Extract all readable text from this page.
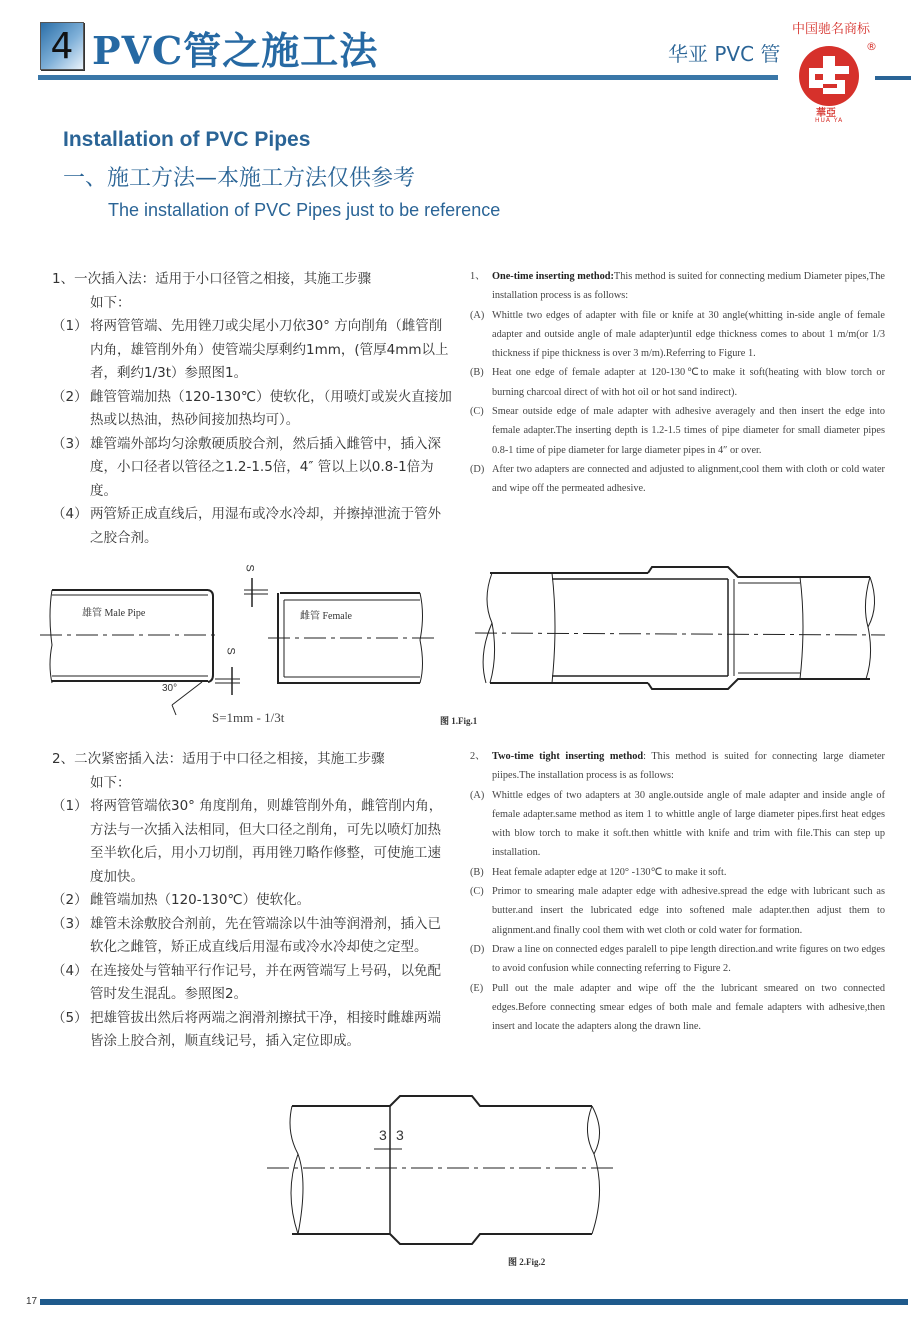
4 PVC管之施工法	华亚 PVC 管
中国驰名商标
華亞
HUA YA
®
Installation of PVC Pipes
一、施工方法—本施工方法仅供参考
The installation of PVC Pipes just to be reference
1、一次插入法：适用于小口径管之相接，其施工步骤
如下：
（1） 将两管管端、先用锉刀或尖尾小刀依30° 方向削角（雌管削内角，雄管削外角）使管端尖厚剩约1mm，(管厚4mm以上者，剩约1/3t）参照图1。
（2） 雌管管端加热（120-130℃）使软化，（用喷灯或炭火直接加热或以热油，热砂间接加热均可）。
（3） 雄管端外部均匀涂敷硬质胶合剂，然后插入雌管中，插入深度，小口径者以管径之1.2-1.5倍，4″ 管以上以0.8-1倍为度。
（4） 两管矫正成直线后，用湿布或冷水冷却，并擦掉泄流于管外之胶合剂。
1、 One-time inserting method:This method is suited for connecting medium Diameter pipes,The installation process is as follows:
(A) Whittle two edges of adapter with file or knife at 30 angle(whitting in-side angle of female adapter and outside angle of male adapter)until edge thickness comes to about 1 m/m(or 1/3 thickness if pipe thickness is over 3 m/m).Referring to Figure 1.
(B) Heat one edge of female adapter at 120-130℃to make it soft(heating with blow torch or burning charcoal direct of with hot oil or hot sand indirect).
(C) Smear outside edge of male adapter with adhesive averagely and then insert the edge into female adapter.The inserting depth is 1.2-1.5 times of pipe diameter for small diameter pipes 0.8-1 time of pipe diameter for large diameter pipes in 4″ or over.
(D) After two adapters are connected and adjusted to alignment,cool them with cloth or cold water and wipe off the permeated adhesive.
雄管 Male Pipe	雌管 Female
S
S
30°
S=1mm - 1/3t	图 1.Fig.1
2、二次紧密插入法：适用于中口径之相接，其施工步骤
如下：
（1） 将两管管端依30° 角度削角，则雄管削外角，雌管削内角，方法与一次插入法相同，但大口径之削角，可先以喷灯加热至半软化后，用小刀切削，再用锉刀略作修整，可使施工速度加快。
（2） 雌管端加热（120-130℃）使软化。
（3） 雄管未涂敷胶合剂前，先在管端涂以牛油等润滑剂，插入已软化之雌管，矫正成直线后用湿布或冷水冷却使之定型。
（4） 在连接处与管轴平行作记号，并在两管端写上号码，以免配管时发生混乱。参照图2。
（5） 把雄管拔出然后将两端之润滑剂擦拭干净，相接时雌雄两端皆涂上胶合剂，顺直线记号，插入定位即成。
2、 Two-time tight inserting method: This method is suited for connecting large diameter piipes.The installation process is as follows:
(A) Whittle edges of two adapters at 30 angle.outside angle of male adapter and inside angle of female adapter.same method as item 1 to whittle angle of large diameter pipes.first heat edges with blow torch to make it soft.then whittle with knife and trim with file.This can step up installation.
(B) Heat female adapter edge at 120° -130℃ to make it soft.
(C) Primor to smearing male adapter edge with adhesive.spread the edge with lubricant such as butter.and insert the lubricated edge into softened male adapter.then adjust them to alignment.and finally cool them with wet cloth or cold water for formation.
(D) Draw a line on connected edges paralell to pipe length direction.and write figures on two edges to avoid confusion while connecting referring to Figure 2.
(E) Pull out the male adapter and wipe off the the lubricant smeared on two connected edges.Before connecting smear edges of both male and female adapters with adhesive,then insert and locate the adapters along the drawn line.
3 3
图 2.Fig.2
17
